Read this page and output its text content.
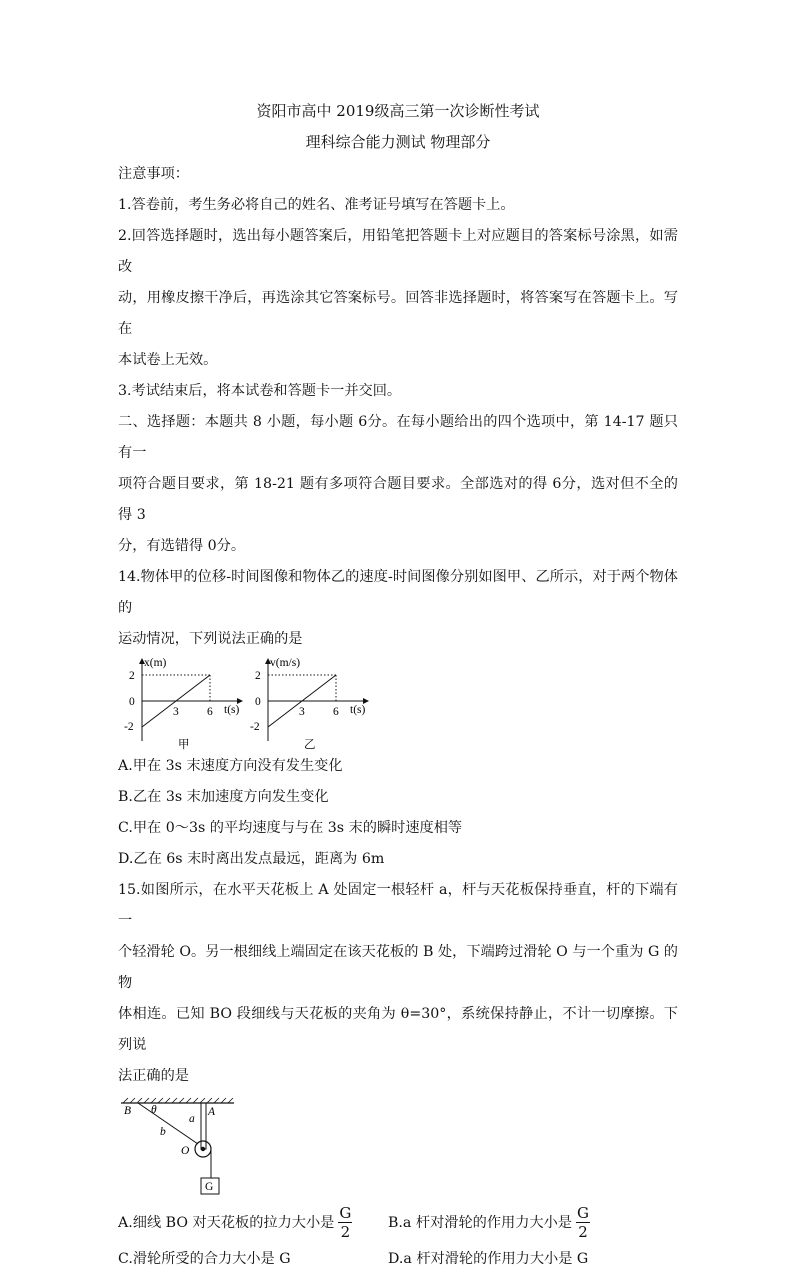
资阳市高中 2019级高三第一次诊断性考试
理科综合能力测试 物理部分

注意事项：

1.答卷前，考生务必将自己的姓名、准考证号填写在答题卡上。

2.回答选择题时，选出每小题答案后，用铅笔把答题卡上对应题目的答案标号涂黑，如需改

动，用橡皮擦干净后，再选涂其它答案标号。回答非选择题时，将答案写在答题卡上。写在

本试卷上无效。

3.考试结束后，将本试卷和答题卡一并交回。

二、选择题：本题共 8 小题，每小题 6分。在每小题给出的四个选项中，第 14-17 题只有一

项符合题目要求，第 18-21 题有多项符合题目要求。全部选对的得 6分，选对但不全的得 3

分，有选错得 0分。

14.物体甲的位移-时间图像和物体乙的速度-时间图像分别如图甲、乙所示，对于两个物体的

运动情况，下列说法正确的是

x(m)
t(s)
2
0
-2
3 6
甲
v(m/s)
t(s)
2
0
-2
3 6
乙

A.甲在 3s 末速度方向没有发生变化

B.乙在 3s 末加速度方向发生变化

C.甲在 0～3s 的平均速度与与在 3s 末的瞬时速度相等

D.乙在 6s 末时离出发点最远，距离为 6m

15.如图所示，在水平天花板上 A 处固定一根轻杆 a，杆与天花板保持垂直，杆的下端有一

个轻滑轮 O。另一根细线上端固定在该天花板的 B 处，下端跨过滑轮 O 与一个重为 G 的物

体相连。已知 BO 段细线与天花板的夹角为 θ=30°，系统保持静止，不计一切摩擦。下列说

法正确的是

B θ	A
a
b
O
G
A.细线 BO 对天花板的拉力大小是 $\frac{G}{2}$	B.a 杆对滑轮的作用力大小是 $\frac{G}{2}$
C.滑轮所受的合力大小是 G	D.a 杆对滑轮的作用力大小是 G
